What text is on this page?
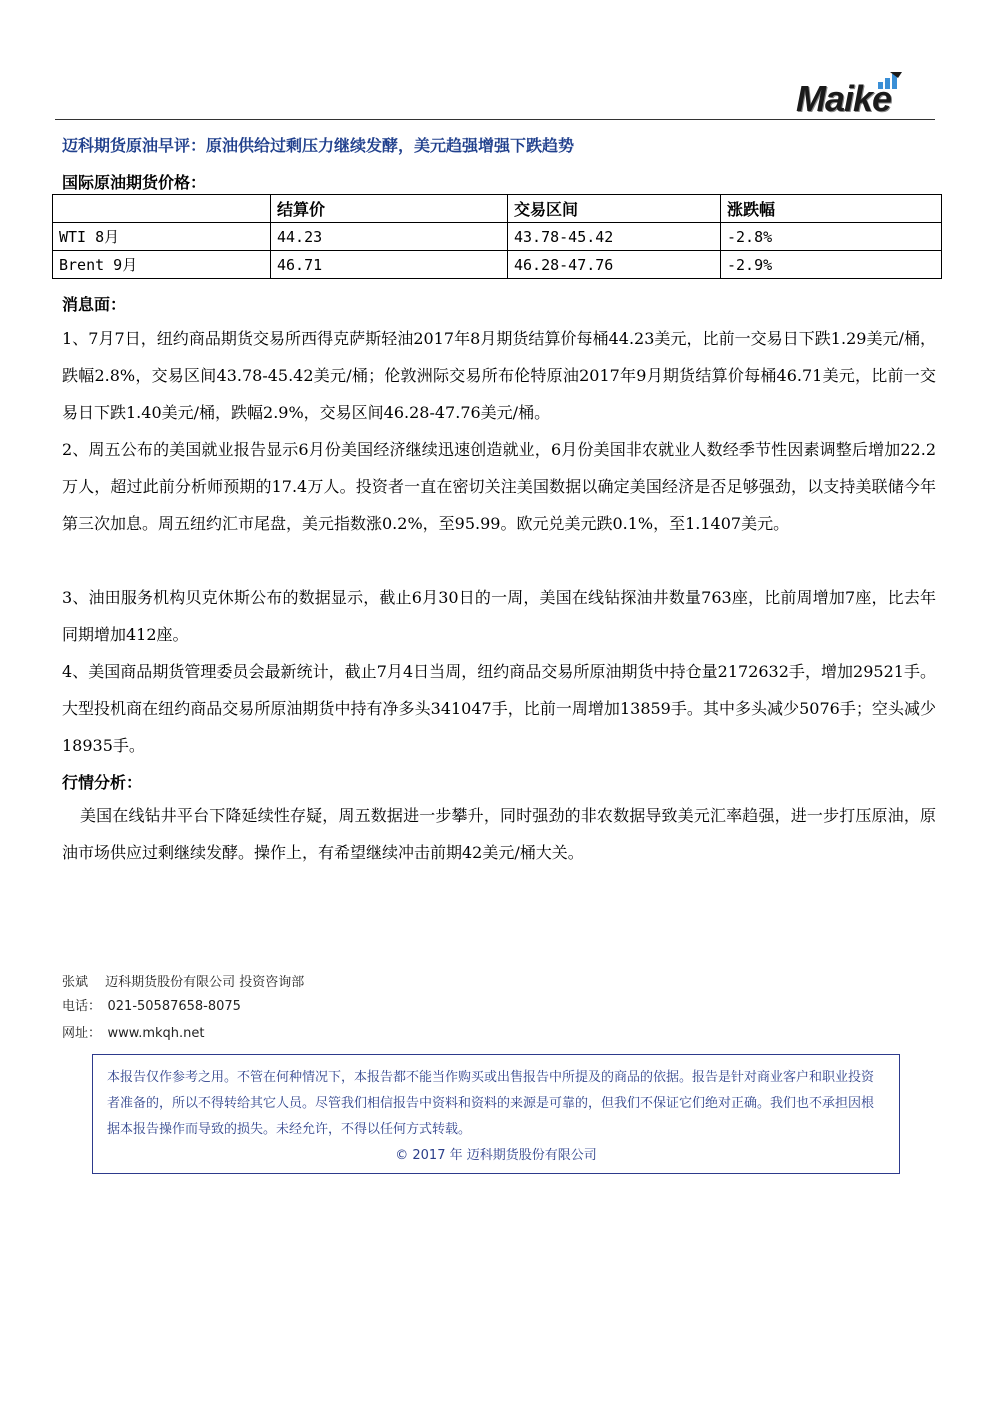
Maike
迈科期货原油早评：原油供给过剩压力继续发酵，美元趋强增强下跌趋势
国际原油期货价格：
	结算价	交易区间	涨跌幅
WTI 8月	44.23	43.78-45.42	-2.8%
Brent 9月	46.71	46.28-47.76	-2.9%
消息面：
1、7月7日，纽约商品期货交易所西得克萨斯轻油2017年8月期货结算价每桶44.23美元，比前一交易日下跌1.29美元/桶，跌幅2.8%，交易区间43.78-45.42美元/桶；伦敦洲际交易所布伦特原油2017年9月期货结算价每桶46.71美元，比前一交易日下跌1.40美元/桶，跌幅2.9%，交易区间46.28-47.76美元/桶。
2、周五公布的美国就业报告显示6月份美国经济继续迅速创造就业，6月份美国非农就业人数经季节性因素调整后增加22.2万人，超过此前分析师预期的17.4万人。投资者一直在密切关注美国数据以确定美国经济是否足够强劲，以支持美联储今年第三次加息。周五纽约汇市尾盘，美元指数涨0.2%，至95.99。欧元兑美元跌0.1%，至1.1407美元。
3、油田服务机构贝克休斯公布的数据显示，截止6月30日的一周，美国在线钻探油井数量763座，比前周增加7座，比去年同期增加412座。
4、美国商品期货管理委员会最新统计，截止7月4日当周，纽约商品交易所原油期货中持仓量2172632手，增加29521手。大型投机商在纽约商品交易所原油期货中持有净多头341047手，比前一周增加13859手。其中多头减少5076手；空头减少18935手。
行情分析：
美国在线钻井平台下降延续性存疑，周五数据进一步攀升，同时强劲的非农数据导致美元汇率趋强，进一步打压原油，原油市场供应过剩继续发酵。操作上，有希望继续冲击前期42美元/桶大关。
张斌　 迈科期货股份有限公司 投资咨询部
电话：　021-50587658-8075
网址：　www.mkqh.net
本报告仅作参考之用。不管在何种情况下，本报告都不能当作购买或出售报告中所提及的商品的依据。报告是针对商业客户和职业投资者准备的，所以不得转给其它人员。尽管我们相信报告中资料和资料的来源是可靠的，但我们不保证它们绝对正确。我们也不承担因根据本报告操作而导致的损失。未经允许，不得以任何方式转载。
© 2017 年 迈科期货股份有限公司
